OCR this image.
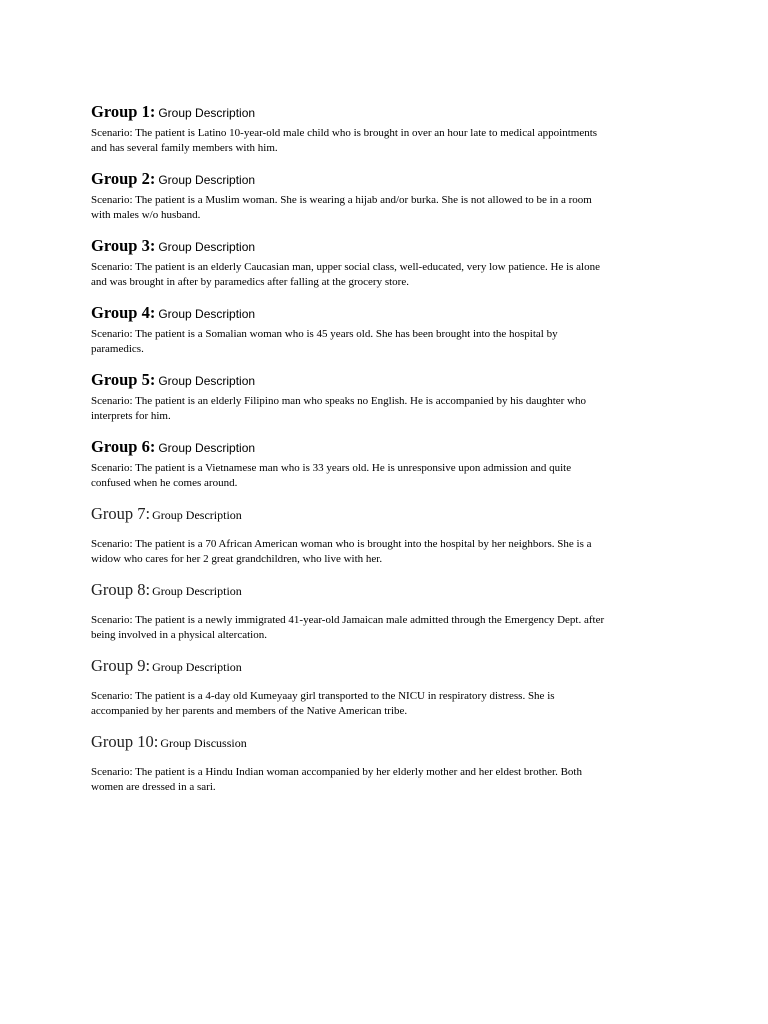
Group 1: Group Description

Scenario: The patient is Latino 10-year-old male child who is brought in over an hour late to medical appointments
and has several family members with him.

Group 2: Group Description

Scenario: The patient is a Muslim woman. She is wearing a hijab and/or burka. She is not allowed to be in a room
with males w/o husband.

Group 3: Group Description

Scenario: The patient is an elderly Caucasian man, upper social class, well-educated, very low patience. He is alone
and was brought in after by paramedics after falling at the grocery store.

Group 4: Group Description

Scenario: The patient is a Somalian woman who is 45 years old. She has been brought into the hospital by
paramedics.

Group 5: Group Description

Scenario: The patient is an elderly Filipino man who speaks no English. He is accompanied by his daughter who
interprets for him.

Group 6: Group Description

Scenario: The patient is a Vietnamese man who is 33 years old. He is unresponsive upon admission and quite
confused when he comes around.

Group 7: Group Description

Scenario: The patient is a 70 African American woman who is brought into the hospital by her neighbors. She is a
widow who cares for her 2 great grandchildren, who live with her.

Group 8: Group Description

Scenario: The patient is a newly immigrated 41-year-old Jamaican male admitted through the Emergency Dept. after
being involved in a physical altercation.

Group 9: Group Description

Scenario: The patient is a 4-day old Kumeyaay girl transported to the NICU in respiratory distress. She is
accompanied by her parents and members of the Native American tribe.

Group 10: Group Discussion

Scenario: The patient is a Hindu Indian woman accompanied by her elderly mother and her eldest brother. Both
women are dressed in a sari.
